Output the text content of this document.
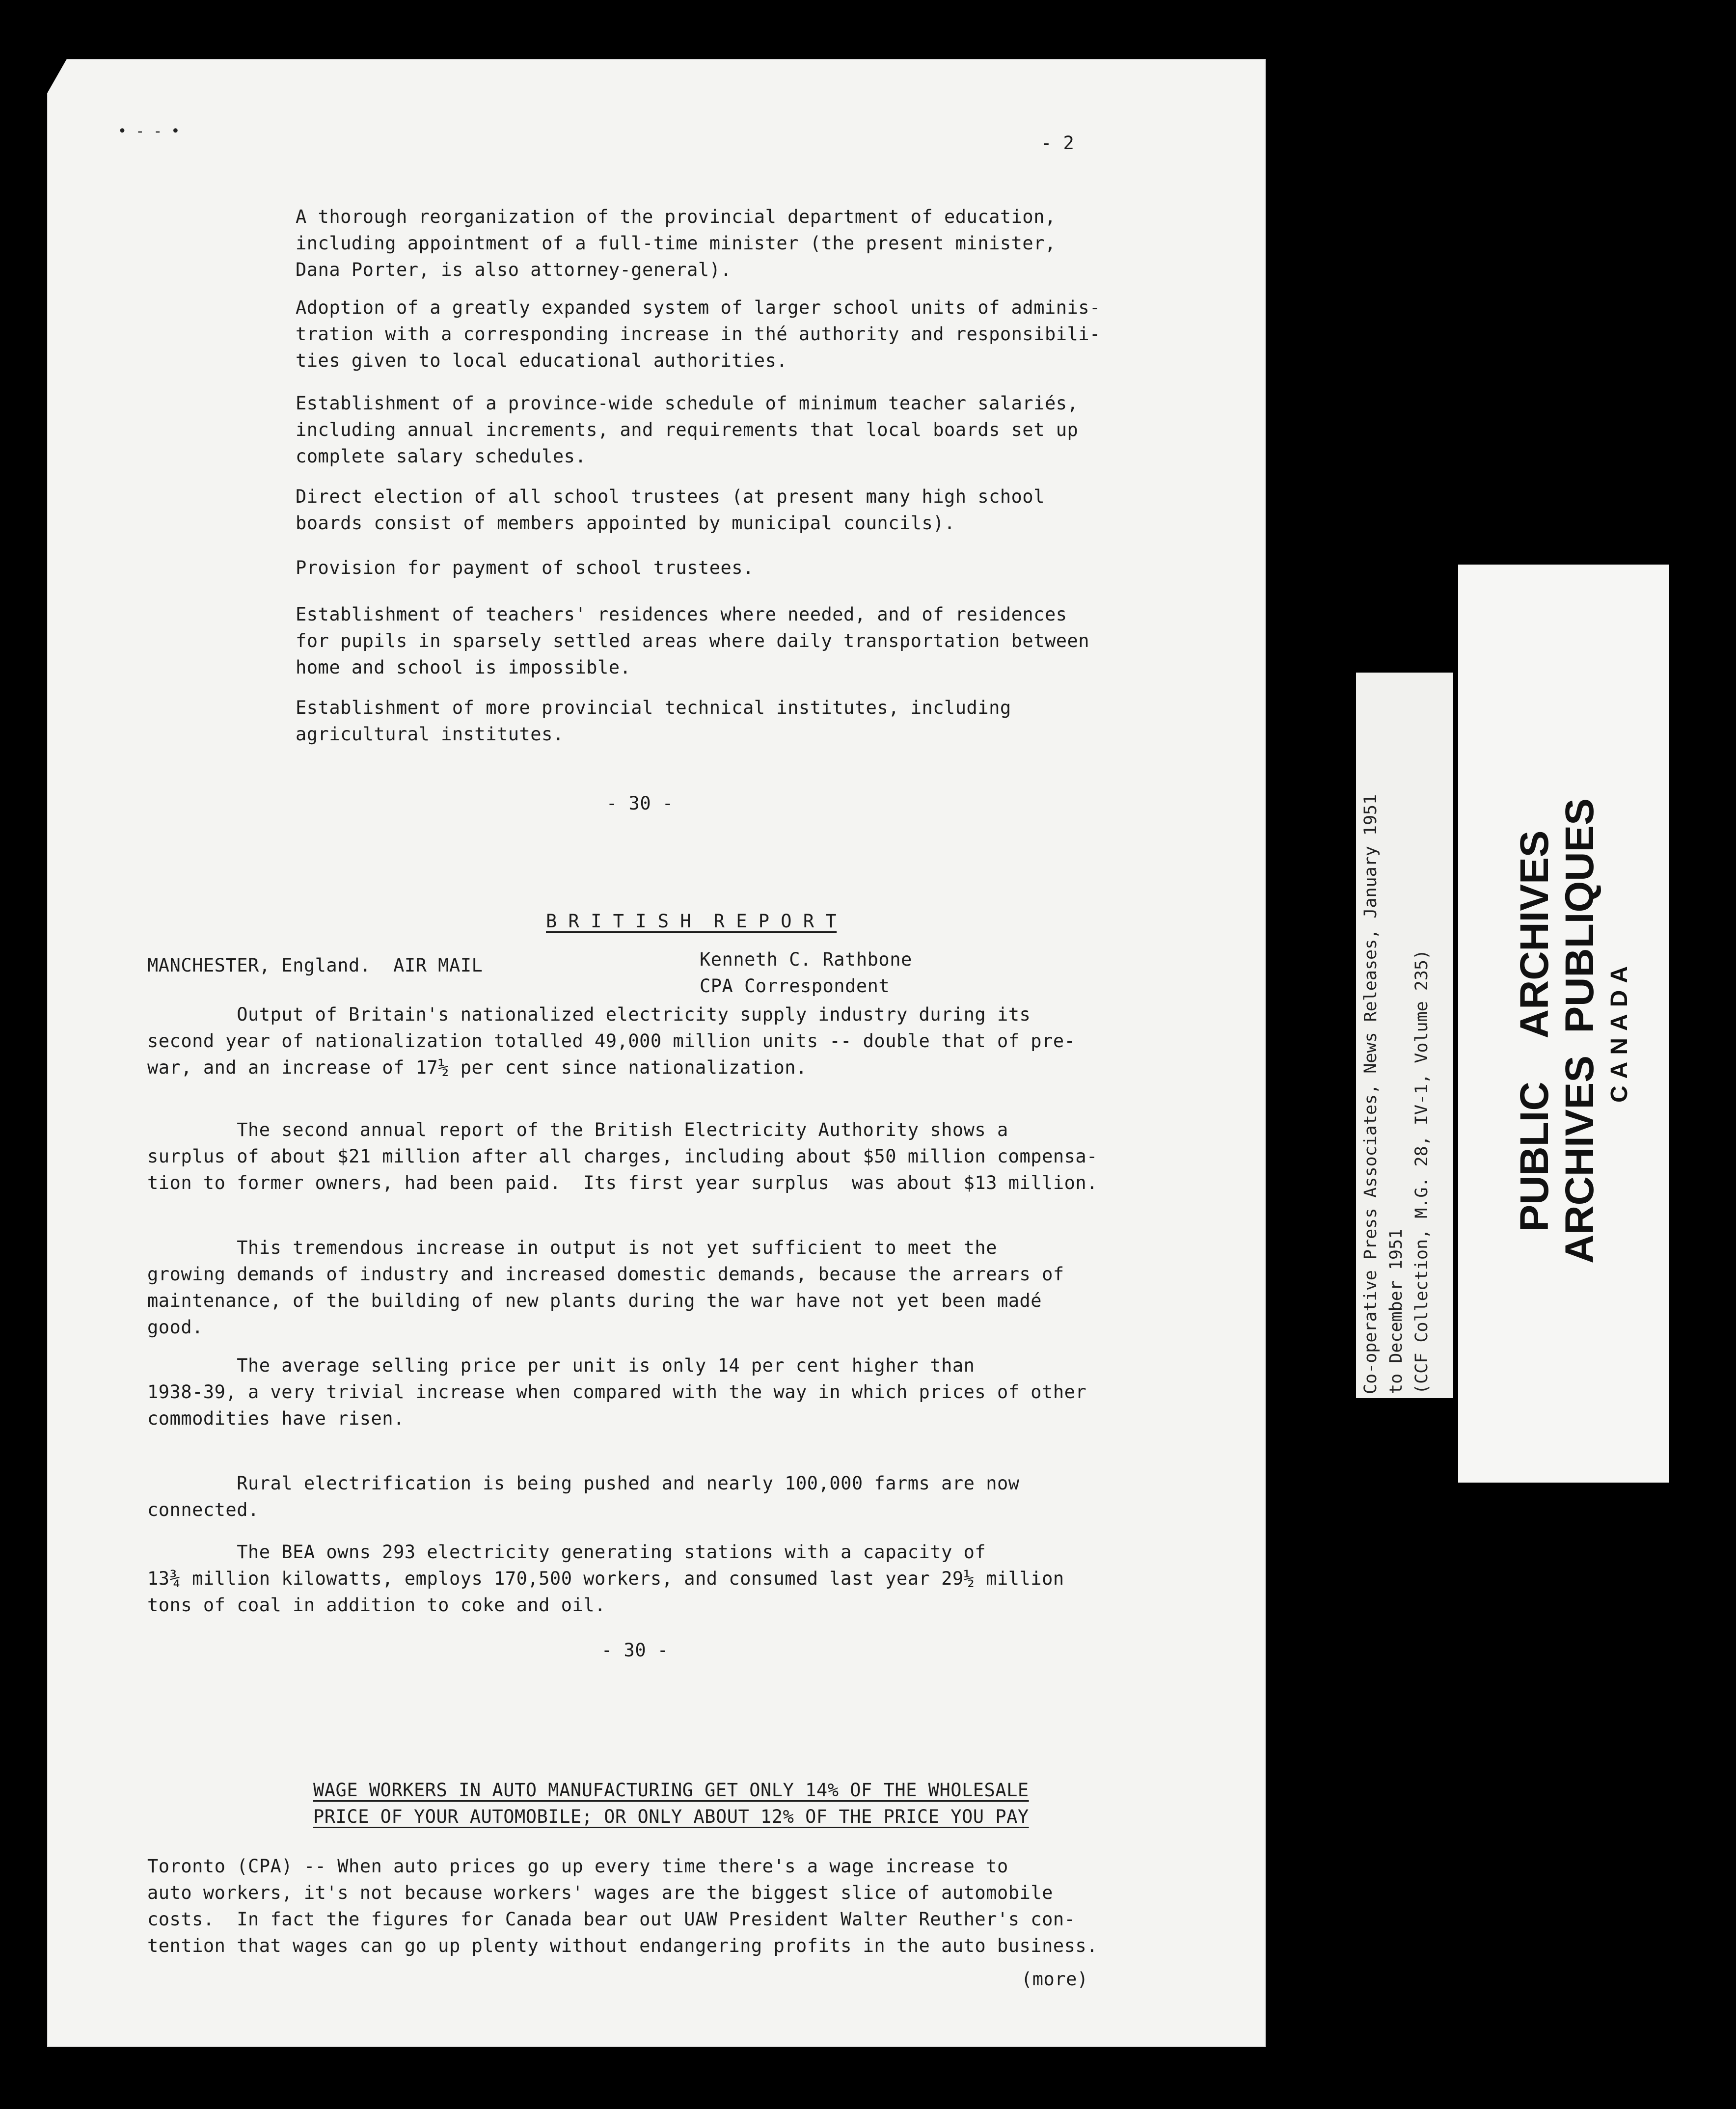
• - - •
- 2
A thorough reorganization of the provincial department of education,
including appointment of a full-time minister (the present minister,
Dana Porter, is also attorney-general).
Adoption of a greatly expanded system of larger school units of adminis-
tration with a corresponding increase in thé authority and responsibili-
ties given to local educational authorities.
Establishment of a province-wide schedule of minimum teacher salariés,
including annual increments, and requirements that local boards set up
complete salary schedules.
Direct election of all school trustees (at present many high school
boards consist of members appointed by municipal councils).
Provision for payment of school trustees.
Establishment of teachers' residences where needed, and of residences
for pupils in sparsely settled areas where daily transportation between
home and school is impossible.
Establishment of more provincial technical institutes, including
agricultural institutes.
- 30 -
B R I T I S H  R E P O R T
MANCHESTER, England.  AIR MAIL	Kenneth C. Rathbone
CPA Correspondent
Output of Britain's nationalized electricity supply industry during its
second year of nationalization totalled 49,000 million units -- double that of pre-
war, and an increase of 17½ per cent since nationalization.
The second annual report of the British Electricity Authority shows a
surplus of about $21 million after all charges, including about $50 million compensa-
tion to former owners, had been paid.  Its first year surplus  was about $13 million.
This tremendous increase in output is not yet sufficient to meet the
growing demands of industry and increased domestic demands, because the arrears of
maintenance, of the building of new plants during the war have not yet been madé
good.
The average selling price per unit is only 14 per cent higher than
1938-39, a very trivial increase when compared with the way in which prices of other
commodities have risen.
Rural electrification is being pushed and nearly 100,000 farms are now
connected.
The BEA owns 293 electricity generating stations with a capacity of
13¾ million kilowatts, employs 170,500 workers, and consumed last year 29½ million
tons of coal in addition to coke and oil.
- 30 -
WAGE WORKERS IN AUTO MANUFACTURING GET ONLY 14% OF THE WHOLESALE
PRICE OF YOUR AUTOMOBILE; OR ONLY ABOUT 12% OF THE PRICE YOU PAY
Toronto (CPA) -- When auto prices go up every time there's a wage increase to
auto workers, it's not because workers' wages are the biggest slice of automobile
costs.  In fact the figures for Canada bear out UAW President Walter Reuther's con-
tention that wages can go up plenty without endangering profits in the auto business.
(more)
Co-operative Press Associates, News Releases, January 1951
to December 1951
(CCF Collection, M.G. 28, IV-1, Volume 235)	PUBLIC    ARCHIVES ARCHIVES  PUBLIQUES CANADA
